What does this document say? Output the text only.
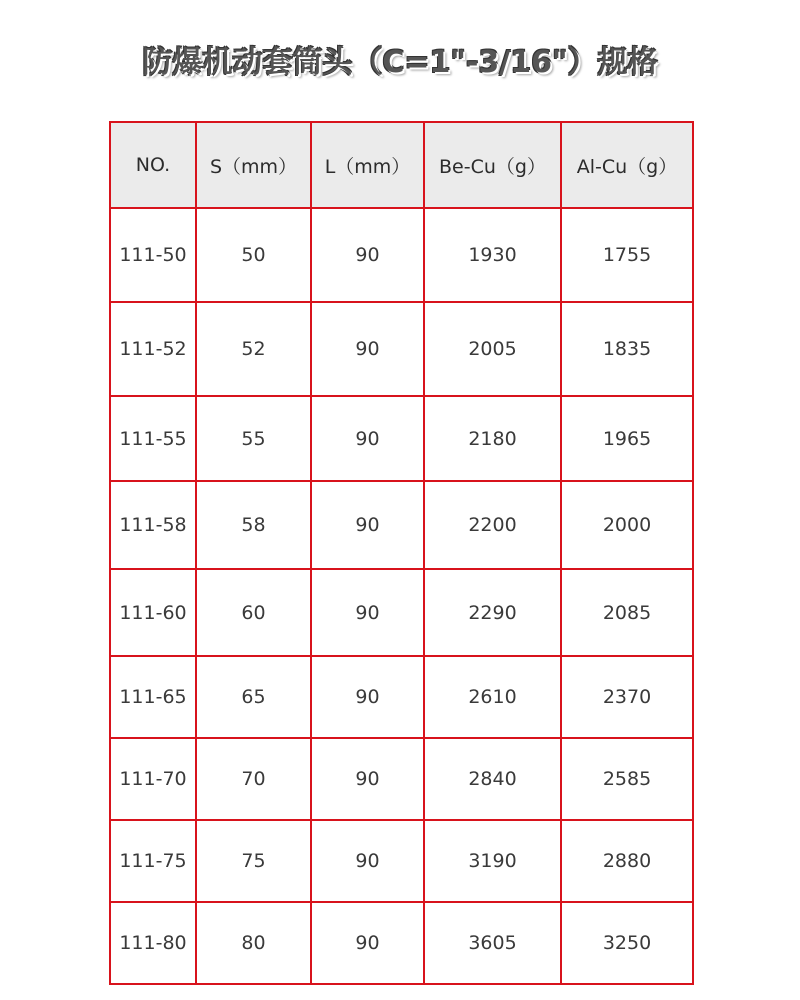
防爆机动套筒头（C=1"-3/16"）规格
NO.	S（mm）	L（mm）	Be-Cu（g）	Al-Cu（g）
111-50	50	90	1930	1755
111-52	52	90	2005	1835
111-55	55	90	2180	1965
111-58	58	90	2200	2000
111-60	60	90	2290	2085
111-65	65	90	2610	2370
111-70	70	90	2840	2585
111-75	75	90	3190	2880
111-80	80	90	3605	3250
